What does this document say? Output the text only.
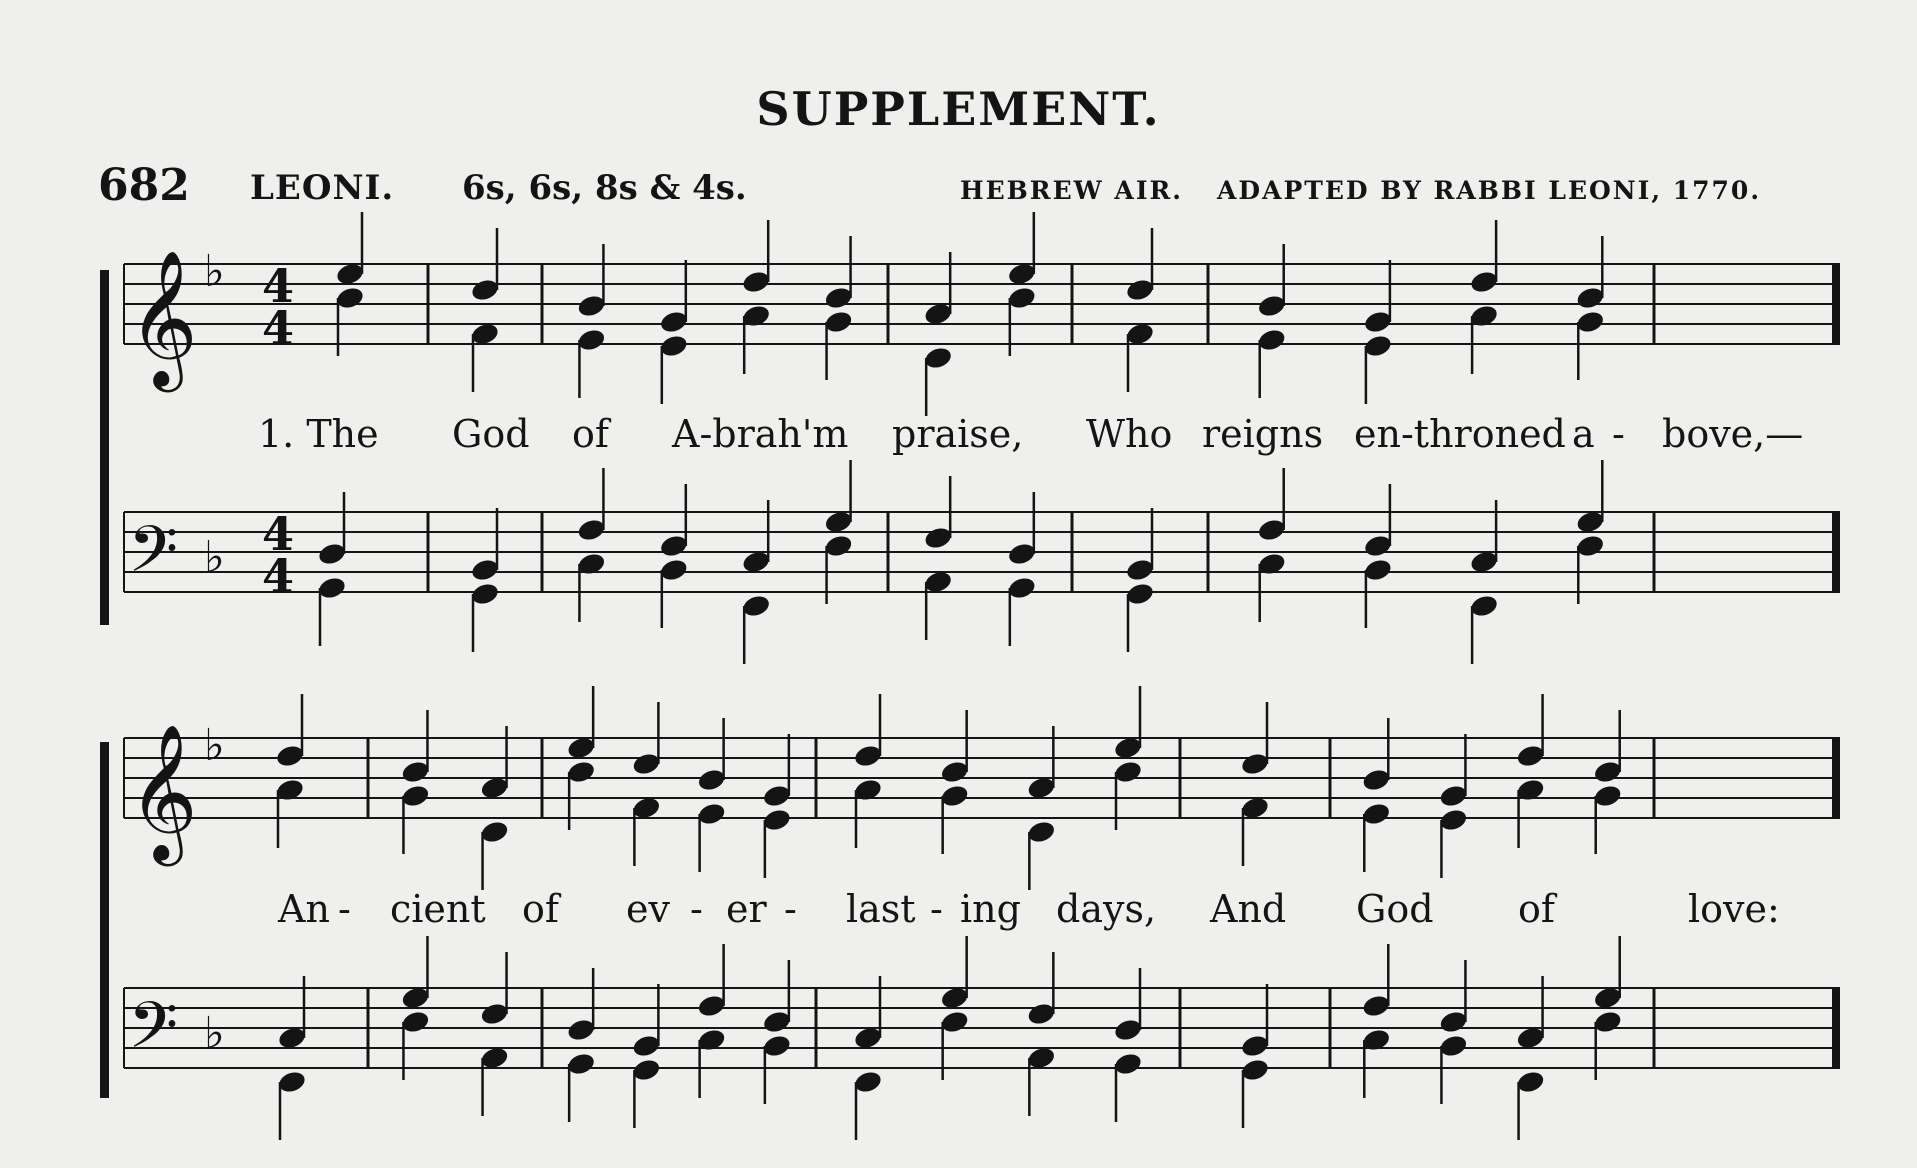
SUPPLEMENT.
682 LEONI. 6s, 6s, 8s & 4s.	HEBREW AIR. ADAPTED BY RABBI LEONI, 1770.
𝄞 ♭ 4
4
𝄢 ♭ 4
4
𝄞 ♭
𝄢 ♭
1. The God of A-brah'm praise, Who reigns en-throned a - bove,—
An - cient of ev - er - last - ing days, And God of	love:
